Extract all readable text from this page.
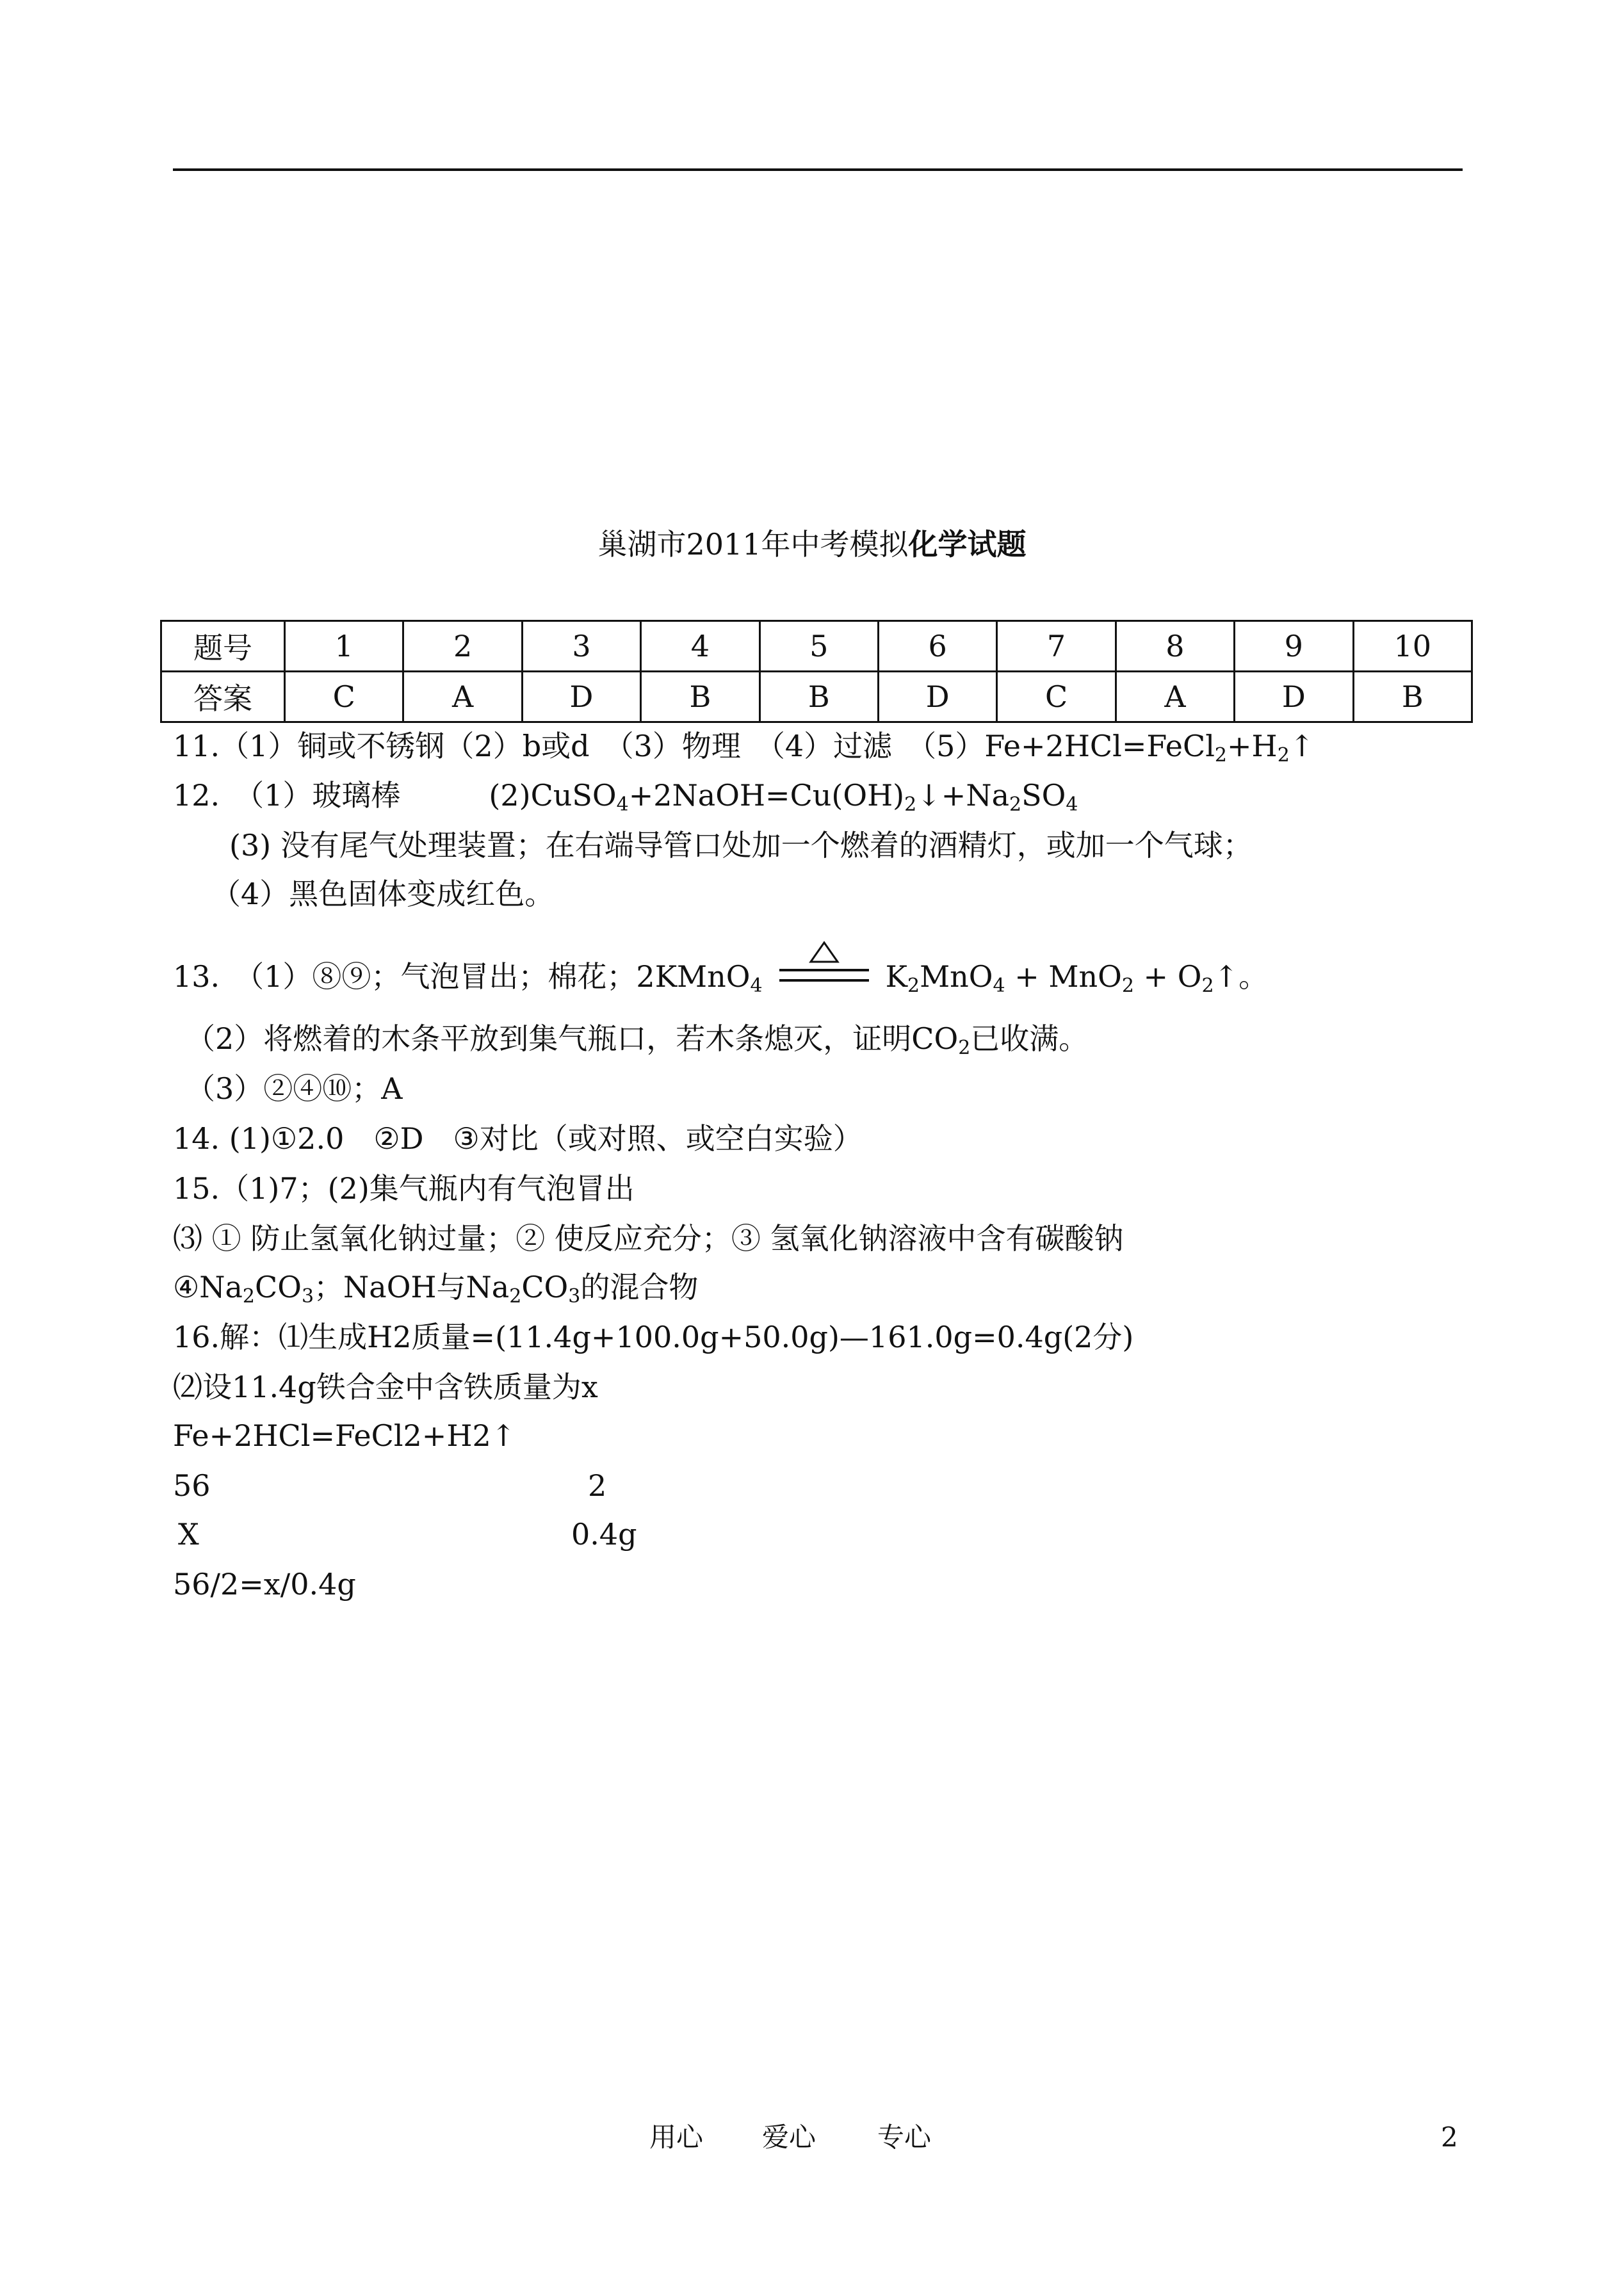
巢湖市2011年中考模拟化学试题
题号	1	2	3	4	5	6	7	8	9	10
答案	C	A	D	B	B	D	C	A	D	B
11.（1）铜或不锈钢（2）b或d　（3）物理　（4）过滤　$(5)Fe+2HCl=FeCl_2+H_2↑$
12.　（1）玻璃棒　　　$(2)CuSO_4+2NaOH=Cu(OH)_2↓+Na_2SO_4$
(3) 没有尾气处理装置；在右端导管口处加一个燃着的酒精灯，或加一个气球；
（4）黑色固体变成红色。
13.　（1）⑧⑨；气泡冒出；棉花；2KMnO$_4$	$K_2MnO_4 + MnO_2$ + $O_2↑$。
（2）将燃着的木条平放到集气瓶口，若木条熄灭，证明$CO_2$已收满。
（3）②④⑩；A
14. (1)①2.0　②D　③对比（或对照、或空白实验）
15.（1)7；(2)集气瓶内有气泡冒出
⑶ ① 防止氢氧化钠过量；② 使反应充分；③ 氢氧化钠溶液中含有碳酸钠
$④Na_2CO_3$；NaOH与$Na_2CO_3$的混合物
16.解：⑴生成H2质量=(11.4g+100.0g+50.0g)—161.0g=0.4g(2分)
⑵设11.4g铁合金中含铁质量为x
Fe+2HCl=FeCl2+H2↑
56	2
X	0.4g
56/2=x/0.4g
用心 爱心 专心	2
